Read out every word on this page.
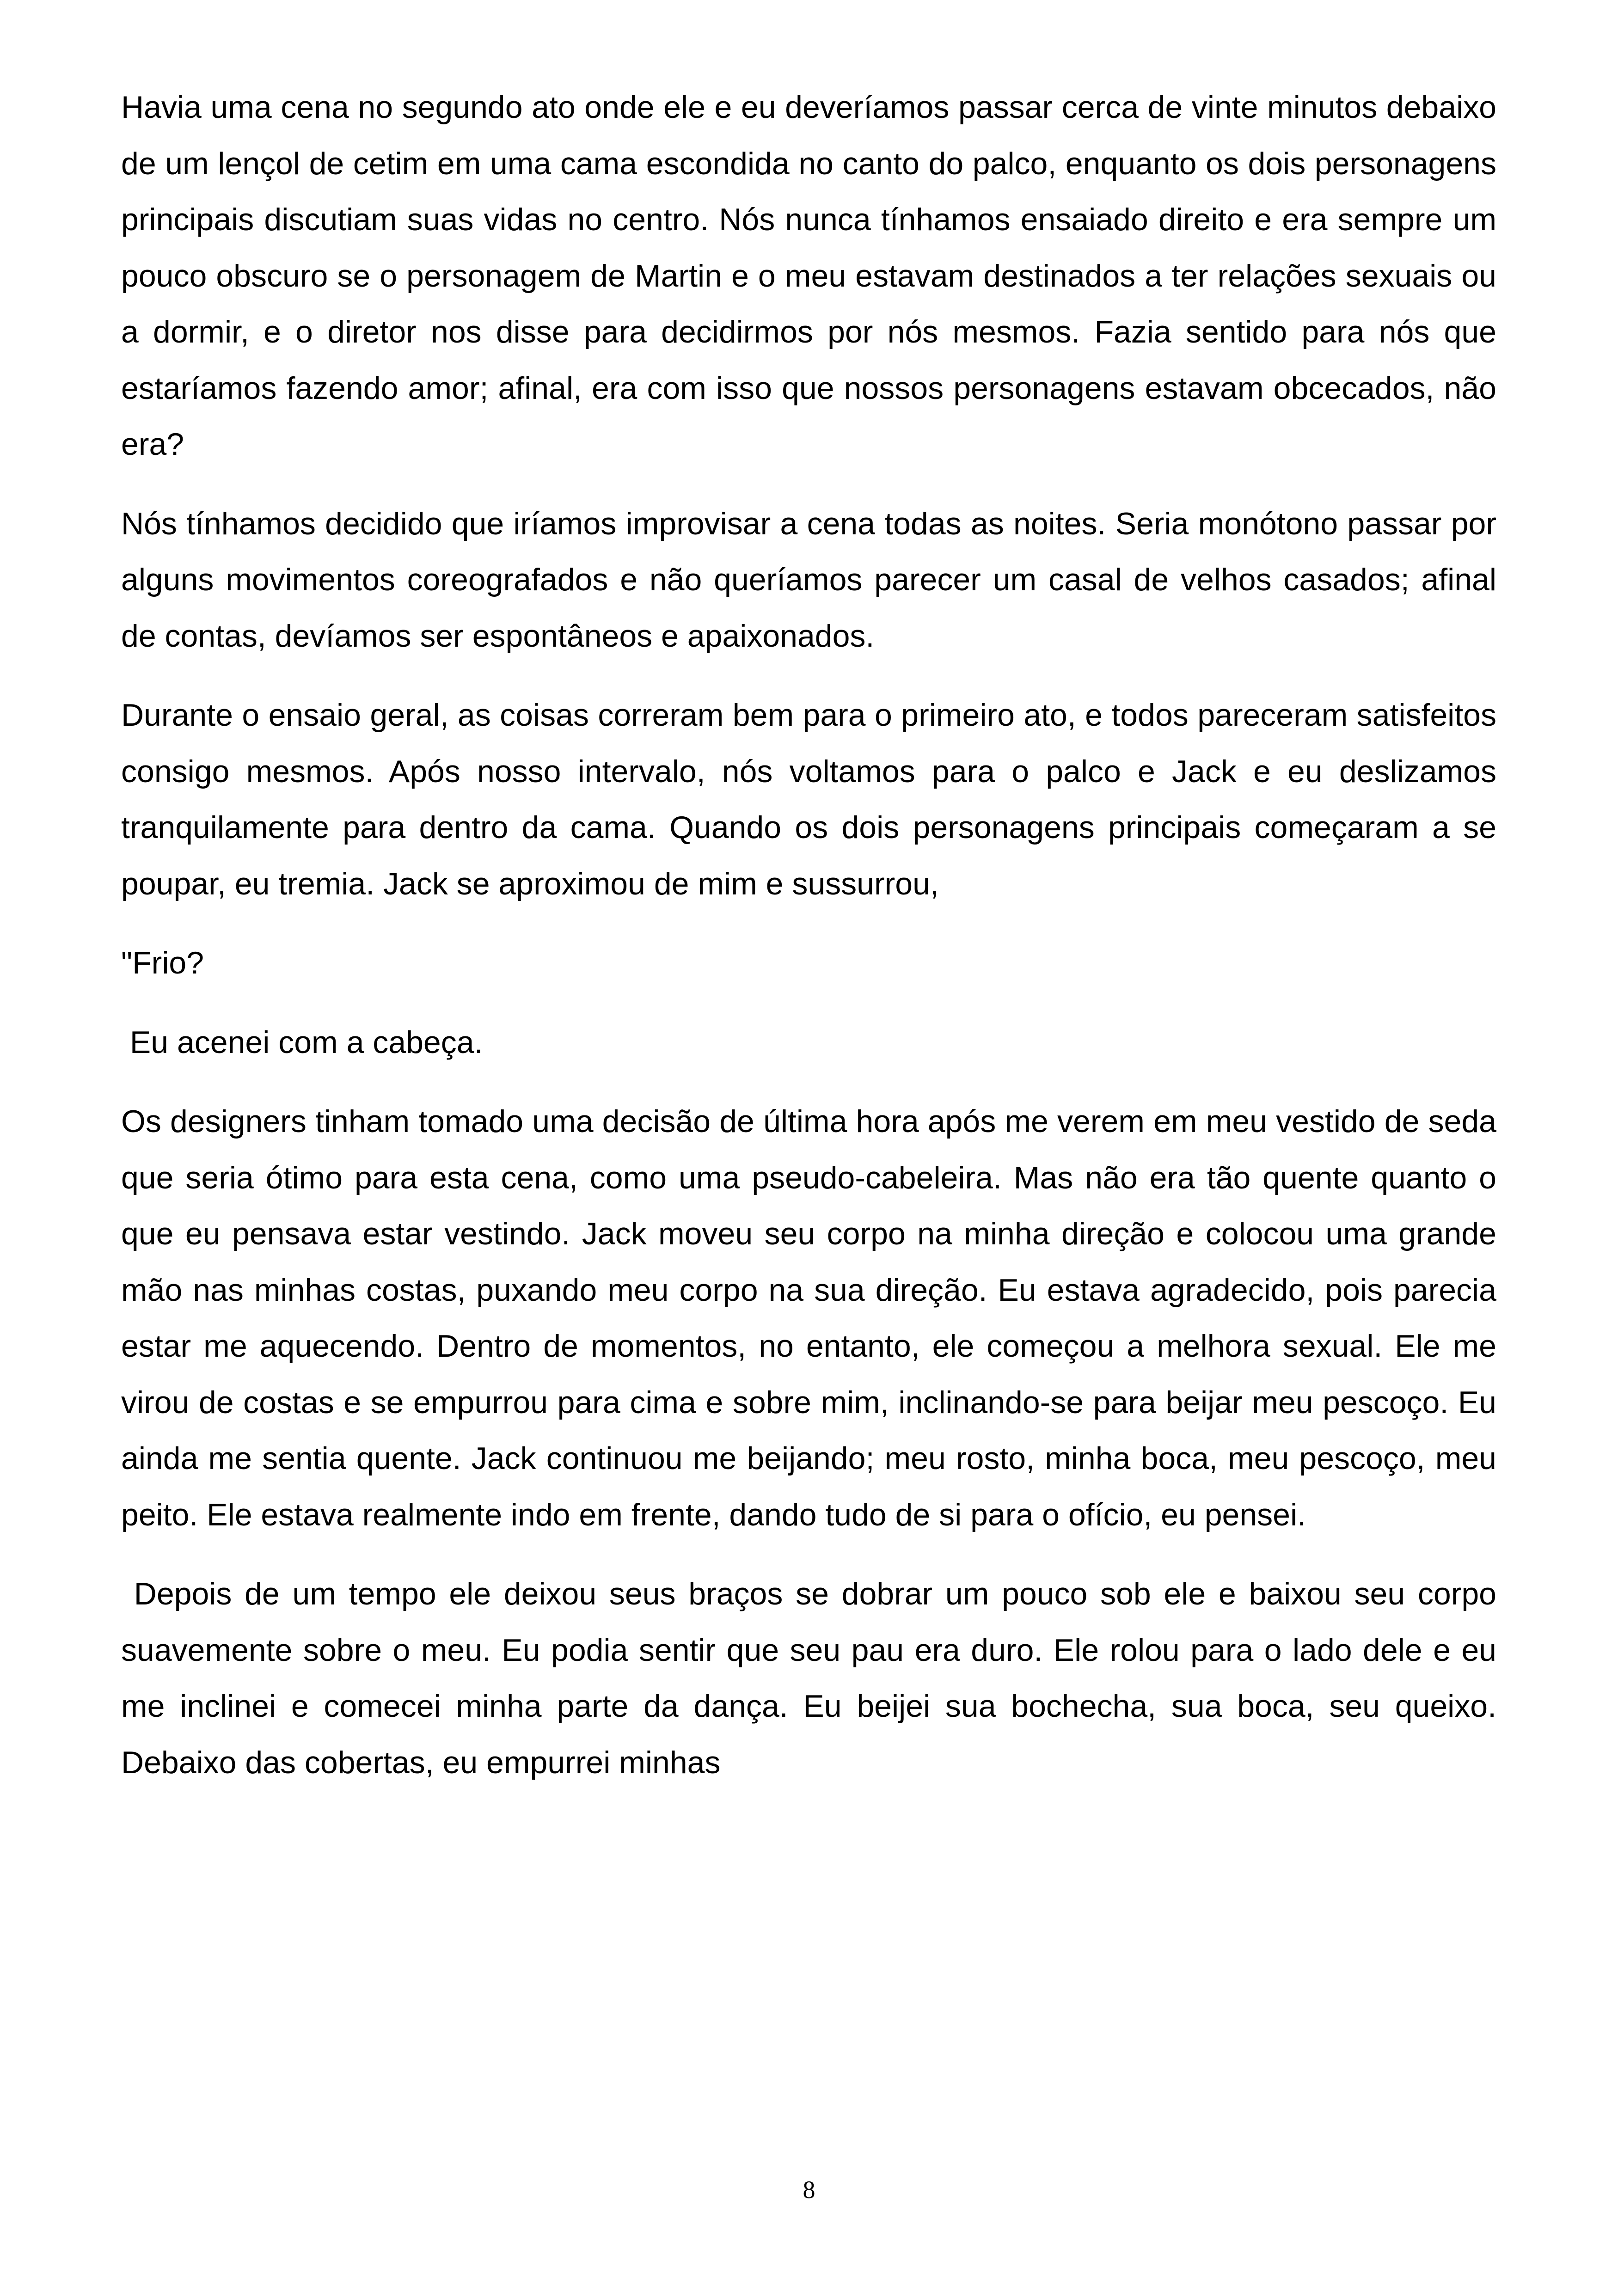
Havia uma cena no segundo ato onde ele e eu deveríamos passar cerca de vinte minutos debaixo de um lençol de cetim em uma cama escondida no canto do palco, enquanto os dois personagens principais discutiam suas vidas no centro. Nós nunca tínhamos ensaiado direito e era sempre um pouco obscuro se o personagem de Martin e o meu estavam destinados a ter relações sexuais ou a dormir, e o diretor nos disse para decidirmos por nós mesmos. Fazia sentido para nós que estaríamos fazendo amor; afinal, era com isso que nossos personagens estavam obcecados, não era?

Nós tínhamos decidido que iríamos improvisar a cena todas as noites. Seria monótono passar por alguns movimentos coreografados e não queríamos parecer um casal de velhos casados; afinal de contas, devíamos ser espontâneos e apaixonados.

Durante o ensaio geral, as coisas correram bem para o primeiro ato, e todos pareceram satisfeitos consigo mesmos. Após nosso intervalo, nós voltamos para o palco e Jack e eu deslizamos tranquilamente para dentro da cama. Quando os dois personagens principais começaram a se poupar, eu tremia. Jack se aproximou de mim e sussurrou,

"Frio?

Eu acenei com a cabeça.

Os designers tinham tomado uma decisão de última hora após me verem em meu vestido de seda que seria ótimo para esta cena, como uma pseudo-cabeleira. Mas não era tão quente quanto o que eu pensava estar vestindo. Jack moveu seu corpo na minha direção e colocou uma grande mão nas minhas costas, puxando meu corpo na sua direção. Eu estava agradecido, pois parecia estar me aquecendo. Dentro de momentos, no entanto, ele começou a melhora sexual. Ele me virou de costas e se empurrou para cima e sobre mim, inclinando-se para beijar meu pescoço. Eu ainda me sentia quente. Jack continuou me beijando; meu rosto, minha boca, meu pescoço, meu peito. Ele estava realmente indo em frente, dando tudo de si para o ofício, eu pensei.

Depois de um tempo ele deixou seus braços se dobrar um pouco sob ele e baixou seu corpo suavemente sobre o meu. Eu podia sentir que seu pau era duro. Ele rolou para o lado dele e eu me inclinei e comecei minha parte da dança. Eu beijei sua bochecha, sua boca, seu queixo. Debaixo das cobertas, eu empurrei minhas

8
